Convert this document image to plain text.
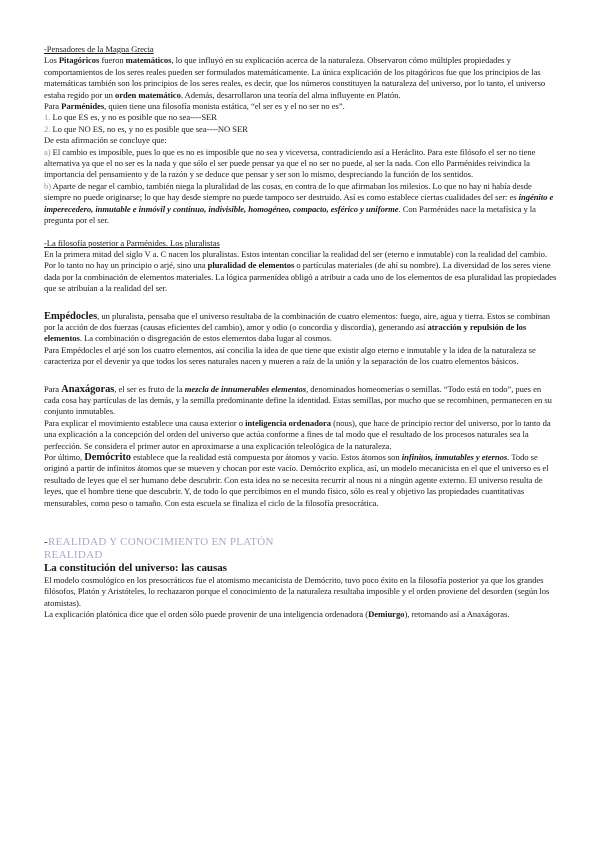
-Pensadores de la Magna Grecia

Los Pitagóricos fueron matemáticos, lo que influyó en su explicación acerca de la naturaleza. Observaron cómo múltiples propiedades y comportamientos de los seres reales pueden ser formulados matemáticamente. La única explicación de los pitagóricos fue que los principios de las matemáticas también son los principios de los seres reales, es decir, que los números constituyen la naturaleza del universo, por lo tanto, el universo estaba regido por un orden matemático. Además, desarrollaron una teoría del alma influyente en Platón.

Para Parménides, quien tiene una filosofía monista estática, “el ser es y el no ser no es”.

1. Lo que ES es, y no es posible que no sea----SER

2. Lo que NO ES, no es, y no es posible que sea----NO SER

De esta afirmación se concluye que:

a) El cambio es imposible, pues lo que es no es imposible que no sea y viceversa, contradiciendo así a Heráclito. Para este filósofo el ser no tiene alternativa ya que el no ser es la nada y que sólo el ser puede pensar ya que el no ser no puede, al ser la nada. Con ello Parménides reivindica la importancia del pensamiento y de la razón y se deduce que pensar y ser son lo mismo, despreciando la función de los sentidos.

b) Aparte de negar el cambio, también niega la pluralidad de las cosas, en contra de lo que afirmaban los milesios. Lo que no hay ni había desde siempre no puede originarse; lo que hay desde siempre no puede tampoco ser destruido. Así es como establece ciertas cualidades del ser: es ingénito e imperecedero, inmutable e inmóvil y continuo, indivisible, homogéneo, compacto, esférico y uniforme. Con Parménides nace la metafísica y la pregunta por el ser.

-La filosofía posterior a Parménides. Los pluralistas

En la primera mitad del siglo V a. C nacen los pluralistas. Estos intentan conciliar la realidad del ser (eterno e inmutable) con la realidad del cambio. Por lo tanto no hay un principio o arjé, sino una pluralidad de elementos o partículas materiales (de ahí su nombre). La diversidad de los seres viene dada por la combinación de elementos materiales. La lógica parmenídea obligó a atribuir a cada uno de los elementos de esa pluralidad las propiedades que se atribuían a la realidad del ser.

Empédocles, un pluralista, pensaba que el universo resultaba de la combinación de cuatro elementos: fuego, aire, agua y tierra. Estos se combinan por la acción de dos fuerzas (causas eficientes del cambio), amor y odio (o concordia y discordia), generando así atracción y repulsión de los elementos. La combinación o disgregación de estos elementos daba lugar al cosmos.

Para Empédocles el arjé son los cuatro elementos, así concilia la idea de que tiene que existir algo eterno e inmutable y la idea de la naturaleza se caracteriza por el devenir ya que todos los seres naturales nacen y mueren a raíz de la unión y la separación de los cuatro elementos básicos.

Para Anaxágoras, el ser es fruto de la mezcla de innumerables elementos, denominados homeomerías o semillas. “Todo está en todo”, pues en cada cosa hay partículas de las demás, y la semilla predominante define la identidad. Estas semillas, por mucho que se recombinen, permanecen en su conjunto inmutables.

Para explicar el movimiento establece una causa exterior o inteligencia ordenadora (nous), que hace de principio rector del universo, por lo tanto da una explicación a la concepción del orden del universo que actúa conforme a fines de tal modo que el resultado de los procesos naturales sea la perfección. Se considera el primer autor en aproximarse a una explicación teleológica de la naturaleza.

Por último, Demócrito establece que la realidad está compuesta por átomos y vacío. Estos átomos son infinitos, inmutables y eternos. Todo se originó a partir de infinitos átomos que se mueven y chocan por este vacío. Demócrito explica, así, un modelo mecanicista en el que el universo es el resultado de leyes que el ser humano debe descubrir. Con esta idea no se necesita recurrir al nous ni a ningún agente externo. El universo resulta de leyes, que el hombre tiene que descubrir. Y, de todo lo que percibimos en el mundo físico, sólo es real y objetivo las propiedades cuantitativas mensurables, como peso o tamaño. Con esta escuela se finaliza el ciclo de la filosofía presocrática.

-REALIDAD Y CONOCIMIENTO EN PLATÓN

REALIDAD

La constitución del universo: las causas

El modelo cosmológico en los presocráticos fue el atomismo mecanicista de Demócrito, tuvo poco éxito en la filosofía posterior ya que los grandes filósofos, Platón y Aristóteles, lo rechazaron porque el conocimiento de la naturaleza resultaba imposible y el orden proviene del desorden (según los atomistas).

La explicación platónica dice que el orden sólo puede provenir de una inteligencia ordenadora (Demiurgo), retomando así a Anaxágoras.
